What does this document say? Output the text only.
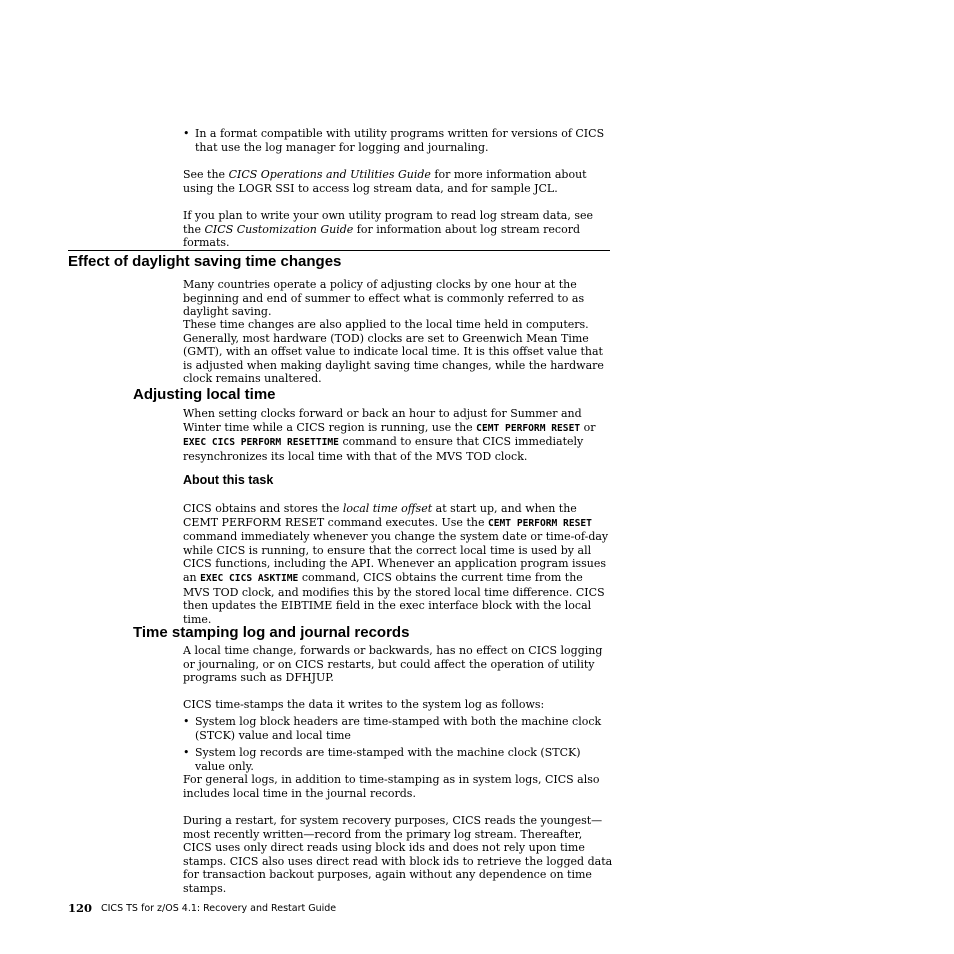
• In a format compatible with utility programs written for versions of CICS that use the log manager for logging and journaling.
See the CICS Operations and Utilities Guide for more information about using the LOGR SSI to access log stream data, and for sample JCL.
If you plan to write your own utility program to read log stream data, see the CICS Customization Guide for information about log stream record formats.
Effect of daylight saving time changes
Many countries operate a policy of adjusting clocks by one hour at the beginning and end of summer to effect what is commonly referred to as daylight saving.
These time changes are also applied to the local time held in computers. Generally, most hardware (TOD) clocks are set to Greenwich Mean Time (GMT), with an offset value to indicate local time. It is this offset value that is adjusted when making daylight saving time changes, while the hardware clock remains unaltered.
Adjusting local time
When setting clocks forward or back an hour to adjust for Summer and Winter time while a CICS region is running, use the CEMT PERFORM RESET or EXEC CICS PERFORM RESETTIME command to ensure that CICS immediately resynchronizes its local time with that of the MVS TOD clock.
About this task
CICS obtains and stores the local time offset at start up, and when the CEMT PERFORM RESET command executes. Use the CEMT PERFORM RESET command immediately whenever you change the system date or time-of-day while CICS is running, to ensure that the correct local time is used by all CICS functions, including the API. Whenever an application program issues an EXEC CICS ASKTIME command, CICS obtains the current time from the MVS TOD clock, and modifies this by the stored local time difference. CICS then updates the EIBTIME field in the exec interface block with the local time.
Time stamping log and journal records
A local time change, forwards or backwards, has no effect on CICS logging or journaling, or on CICS restarts, but could affect the operation of utility programs such as DFHJUP.
CICS time-stamps the data it writes to the system log as follows:
• System log block headers are time-stamped with both the machine clock (STCK) value and local time
• System log records are time-stamped with the machine clock (STCK) value only.
For general logs, in addition to time-stamping as in system logs, CICS also includes local time in the journal records.
During a restart, for system recovery purposes, CICS reads the youngest—most recently written—record from the primary log stream. Thereafter, CICS uses only direct reads using block ids and does not rely upon time stamps. CICS also uses direct read with block ids to retrieve the logged data for transaction backout purposes, again without any dependence on time stamps.
120 CICS TS for z/OS 4.1: Recovery and Restart Guide
